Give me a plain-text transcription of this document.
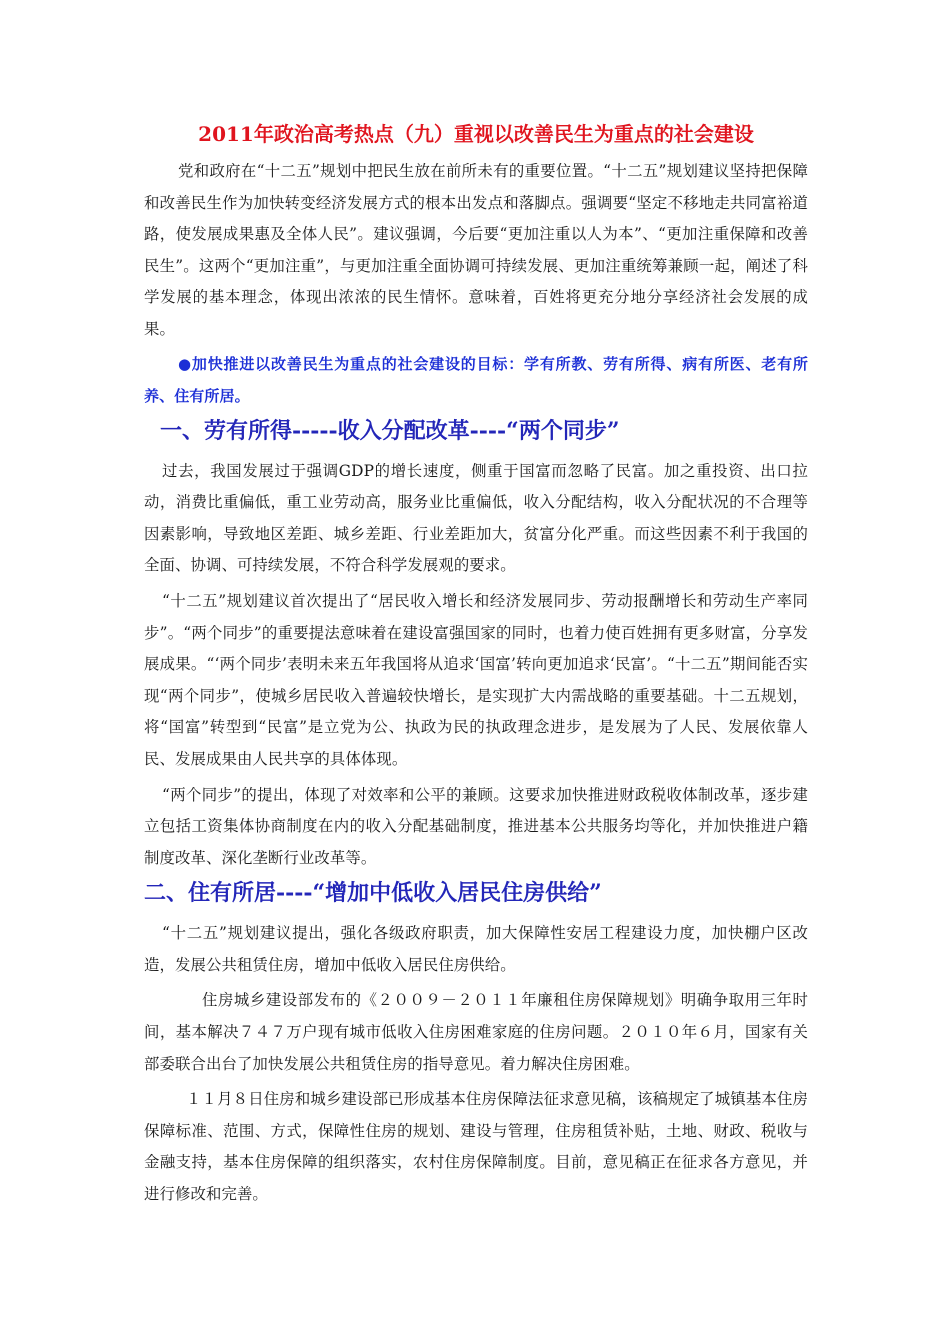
2011年政治高考热点（九）重视以改善民生为重点的社会建设

党和政府在“十二五”规划中把民生放在前所未有的重要位置。“十二五”规划建议坚持把保障和改善民生作为加快转变经济发展方式的根本出发点和落脚点。强调要“坚定不移地走共同富裕道路，使发展成果惠及全体人民”。建议强调，今后要“更加注重以人为本”、“更加注重保障和改善民生”。这两个“更加注重”，与更加注重全面协调可持续发展、更加注重统筹兼顾一起，阐述了科学发展的基本理念，体现出浓浓的民生情怀。意味着，百姓将更充分地分享经济社会发展的成果。

●加快推进以改善民生为重点的社会建设的目标：学有所教、劳有所得、病有所医、老有所养、住有所居。

一、劳有所得-----收入分配改革----“两个同步”

过去，我国发展过于强调GDP的增长速度，侧重于国富而忽略了民富。加之重投资、出口拉动，消费比重偏低，重工业劳动高，服务业比重偏低，收入分配结构，收入分配状况的不合理等因素影响，导致地区差距、城乡差距、行业差距加大，贫富分化严重。而这些因素不利于我国的全面、协调、可持续发展，不符合科学发展观的要求。

“十二五”规划建议首次提出了“居民收入增长和经济发展同步、劳动报酬增长和劳动生产率同步”。“两个同步”的重要提法意味着在建设富强国家的同时，也着力使百姓拥有更多财富，分享发展成果。“‘两个同步’表明未来五年我国将从追求‘国富’转向更加追求‘民富’。“十二五”期间能否实现“两个同步”，使城乡居民收入普遍较快增长，是实现扩大内需战略的重要基础。十二五规划，将“国富”转型到“民富”是立党为公、执政为民的执政理念进步，是发展为了人民、发展依靠人民、发展成果由人民共享的具体体现。

“两个同步”的提出，体现了对效率和公平的兼顾。这要求加快推进财政税收体制改革，逐步建立包括工资集体协商制度在内的收入分配基础制度，推进基本公共服务均等化，并加快推进户籍制度改革、深化垄断行业改革等。

二、住有所居----“增加中低收入居民住房供给”

“十二五”规划建议提出，强化各级政府职责，加大保障性安居工程建设力度，加快棚户区改造，发展公共租赁住房，增加中低收入居民住房供给。

住房城乡建设部发布的《２００９－２０１１年廉租住房保障规划》明确争取用三年时间，基本解决７４７万户现有城市低收入住房困难家庭的住房问题。２０１０年６月，国家有关部委联合出台了加快发展公共租赁住房的指导意见。着力解决住房困难。

１１月８日住房和城乡建设部已形成基本住房保障法征求意见稿，该稿规定了城镇基本住房保障标准、范围、方式，保障性住房的规划、建设与管理，住房租赁补贴，土地、财政、税收与金融支持，基本住房保障的组织落实，农村住房保障制度。目前，意见稿正在征求各方意见，并进行修改和完善。
